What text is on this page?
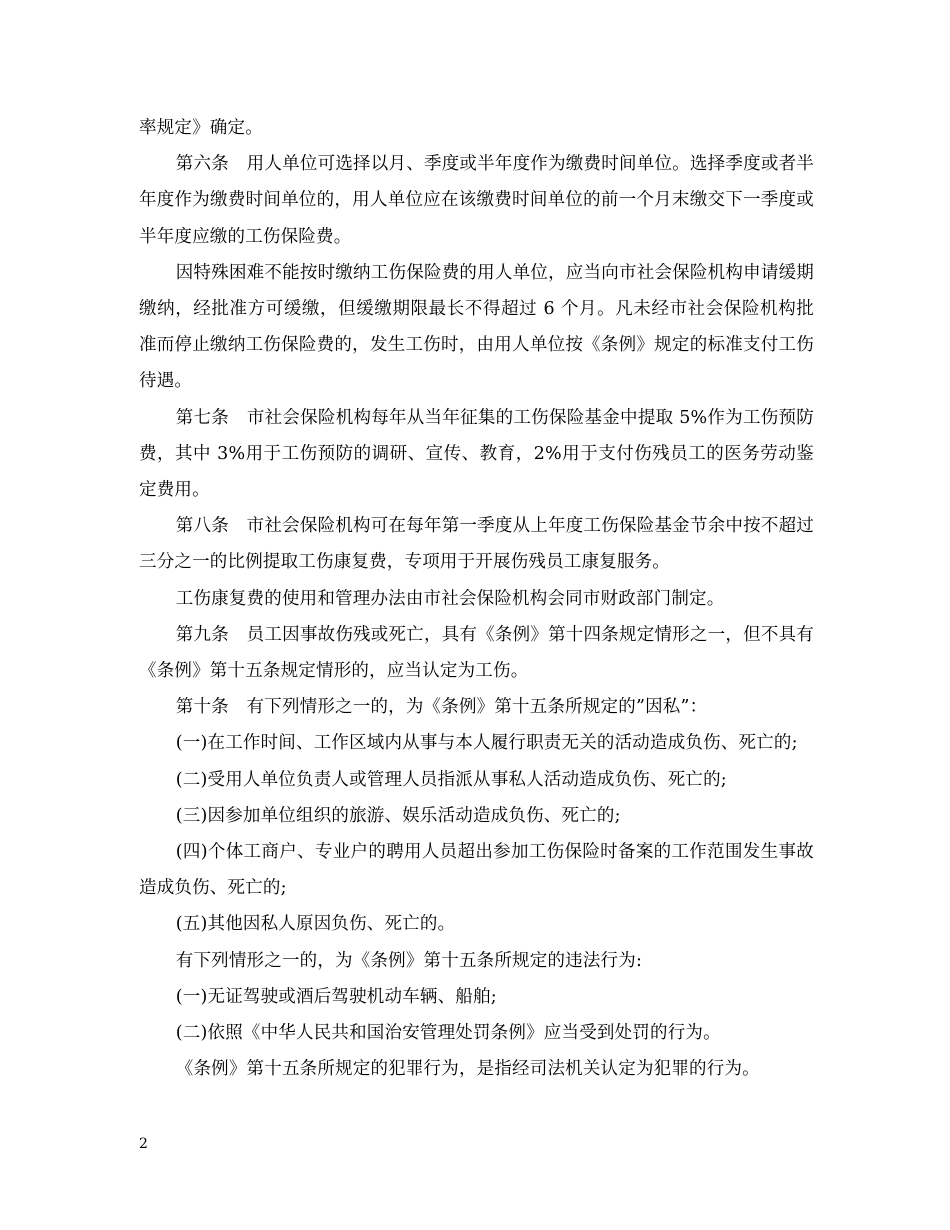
率规定》确定。

第六条　用人单位可选择以月、季度或半年度作为缴费时间单位。选择季度或者半年度作为缴费时间单位的，用人单位应在该缴费时间单位的前一个月末缴交下一季度或半年度应缴的工伤保险费。

因特殊困难不能按时缴纳工伤保险费的用人单位，应当向市社会保险机构申请缓期缴纳，经批准方可缓缴，但缓缴期限最长不得超过 6 个月。凡未经市社会保险机构批准而停止缴纳工伤保险费的，发生工伤时，由用人单位按《条例》规定的标准支付工伤待遇。

第七条　市社会保险机构每年从当年征集的工伤保险基金中提取 5%作为工伤预防费，其中 3%用于工伤预防的调研、宣传、教育，2%用于支付伤残员工的医务劳动鉴定费用。

第八条　市社会保险机构可在每年第一季度从上年度工伤保险基金节余中按不超过三分之一的比例提取工伤康复费，专项用于开展伤残员工康复服务。

工伤康复费的使用和管理办法由市社会保险机构会同市财政部门制定。

第九条　员工因事故伤残或死亡，具有《条例》第十四条规定情形之一，但不具有《条例》第十五条规定情形的，应当认定为工伤。

第十条　有下列情形之一的，为《条例》第十五条所规定的”因私”：

(一)在工作时间、工作区域内从事与本人履行职责无关的活动造成负伤、死亡的;

(二)受用人单位负责人或管理人员指派从事私人活动造成负伤、死亡的;

(三)因参加单位组织的旅游、娱乐活动造成负伤、死亡的;

(四)个体工商户、专业户的聘用人员超出参加工伤保险时备案的工作范围发生事故造成负伤、死亡的;

(五)其他因私人原因负伤、死亡的。

有下列情形之一的，为《条例》第十五条所规定的违法行为:

(一)无证驾驶或酒后驾驶机动车辆、船舶;

(二)依照《中华人民共和国治安管理处罚条例》应当受到处罚的行为。

《条例》第十五条所规定的犯罪行为，是指经司法机关认定为犯罪的行为。

2
